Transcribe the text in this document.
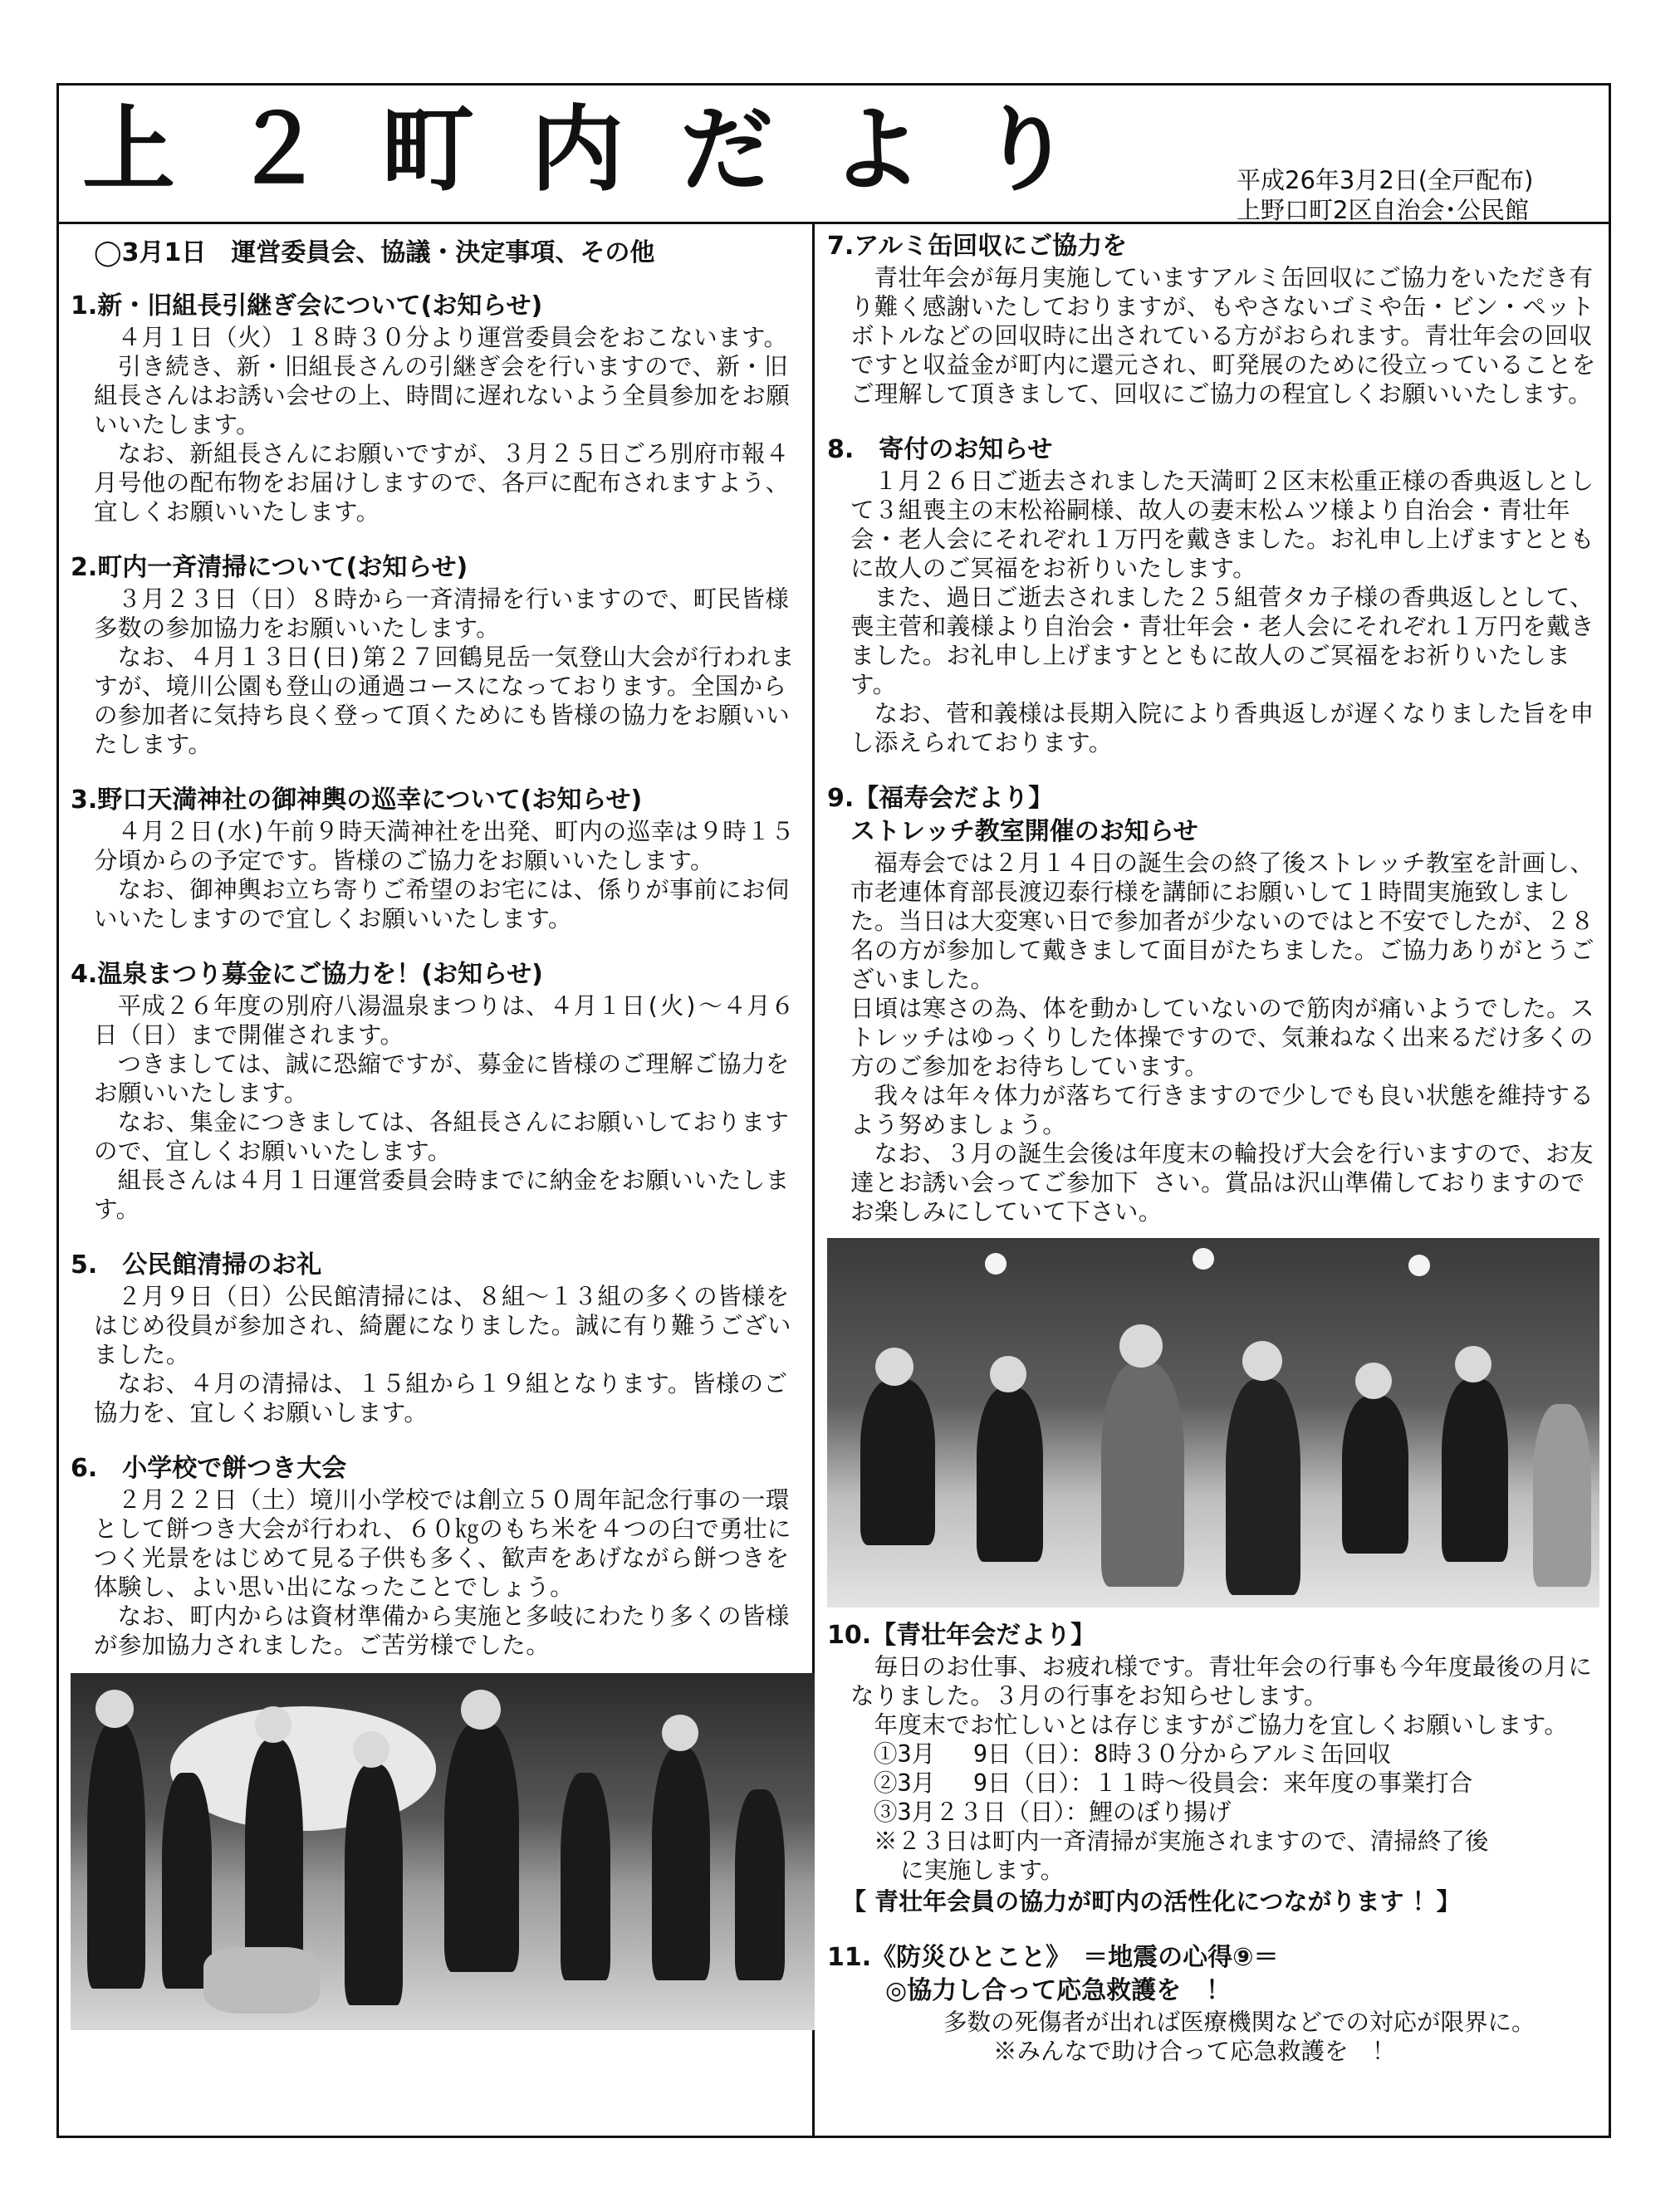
上２町内だより	平成26年3月2日(全戸配布)
上野口町2区自治会･公民館
◯3月1日　運営委員会、協議・決定事項、その他
1.新・旧組長引継ぎ会について(お知らせ)

４月１日（火）１８時３０分より運営委員会をおこないます。

引き続き、新・旧組長さんの引継ぎ会を行いますので、新・旧組長さんはお誘い会せの上、時間に遅れないよう全員参加をお願いいたします。

なお、新組長さんにお願いですが、３月２５日ごろ別府市報４月号他の配布物をお届けしますので、各戸に配布されますよう、宜しくお願いいたします。

2.町内一斉清掃について(お知らせ)

３月２３日（日）８時から一斉清掃を行いますので、町民皆様多数の参加協力をお願いいたします。

なお、４月１３日(日)第２７回鶴見岳一気登山大会が行われますが、境川公園も登山の通過コースになっております。全国からの参加者に気持ち良く登って頂くためにも皆様の協力をお願いいたします。

3.野口天満神社の御神輿の巡幸について(お知らせ)

４月２日(水)午前９時天満神社を出発、町内の巡幸は９時１５分頃からの予定です。皆様のご協力をお願いいたします。

なお、御神輿お立ち寄りご希望のお宅には、係りが事前にお伺いいたしますので宜しくお願いいたします。

4.温泉まつり募金にご協力を！(お知らせ)

平成２６年度の別府八湯温泉まつりは、４月１日(火)～４月６日（日）まで開催されます。

つきましては、誠に恐縮ですが、募金に皆様のご理解ご協力をお願いいたします。

なお、集金につきましては、各組長さんにお願いしておりますので、宜しくお願いいたします。

組長さんは４月１日運営委員会時までに納金をお願いいたします。

5.　公民館清掃のお礼

２月９日（日）公民館清掃には、８組～１３組の多くの皆様をはじめ役員が参加され、綺麗になりました。誠に有り難うございました。

なお、４月の清掃は、１５組から１９組となります。皆様のご協力を、宜しくお願いします。

6.　小学校で餅つき大会

２月２２日（土）境川小学校では創立５０周年記念行事の一環として餅つき大会が行われ、６０㎏のもち米を４つの臼で勇壮につく光景をはじめて見る子供も多く、歓声をあげながら餅つきを体験し、よい思い出になったことでしょう。

なお、町内からは資材準備から実施と多岐にわたり多くの皆様が参加協力されました。ご苦労様でした。

7.アルミ缶回収にご協力を

青壮年会が毎月実施していますアルミ缶回収にご協力をいただき有り難く感謝いたしておりますが、もやさないゴミや缶・ビン・ペットボトルなどの回収時に出されている方がおられます。青壮年会の回収ですと収益金が町内に還元され、町発展のために役立っていることをご理解して頂きまして、回収にご協力の程宜しくお願いいたします。

8.　寄付のお知らせ

１月２６日ご逝去されました天満町２区末松重正様の香典返しとして３組喪主の末松裕嗣様、故人の妻末松ムツ様より自治会・青壮年会・老人会にそれぞれ１万円を戴きました。お礼申し上げますとともに故人のご冥福をお祈りいたします。

また、過日ご逝去されました２５組菅タカ子様の香典返しとして、喪主菅和義様より自治会・青壮年会・老人会にそれぞれ１万円を戴きました。お礼申し上げますとともに故人のご冥福をお祈りいたします。

なお、菅和義様は長期入院により香典返しが遅くなりました旨を申し添えられております。

9.【福寿会だより】
ストレッチ教室開催のお知らせ

福寿会では２月１４日の誕生会の終了後ストレッチ教室を計画し、市老連体育部長渡辺泰行様を講師にお願いして１時間実施致しました。当日は大変寒い日で参加者が少ないのではと不安でしたが、２８名の方が参加して戴きまして面目がたちました。ご協力ありがとうございました。

日頃は寒さの為、体を動かしていないので筋肉が痛いようでした。ストレッチはゆっくりした体操ですので、気兼ねなく出来るだけ多くの方のご参加をお待ちしています。

我々は年々体力が落ちて行きますので少しでも良い状態を維持するよう努めましょう。

なお、３月の誕生会後は年度末の輪投げ大会を行いますので、お友達とお誘い会ってご参加下 さい。賞品は沢山準備しておりますのでお楽しみにしていて下さい。

10.【青壮年会だより】

毎日のお仕事、お疲れ様です。青壮年会の行事も今年度最後の月になりました。３月の行事をお知らせします。

年度末でお忙しいとは存じますがご協力を宜しくお願いします。

①3月　 9日（日）：8時３０分からアルミ缶回収
②3月　 9日（日）：１１時～役員会：来年度の事業打合
③3月２３日（日）：鯉のぼり揚げ
※２３日は町内一斉清掃が実施されますので、清掃終了後
に実施します。
【 青壮年会員の協力が町内の活性化につながります ！】
11.《防災ひとこと》　＝地震の心得⑨＝
◎協力し合って応急救護を　！
多数の死傷者が出れば医療機関などでの対応が限界に。
※みんなで助け合って応急救護を　！
